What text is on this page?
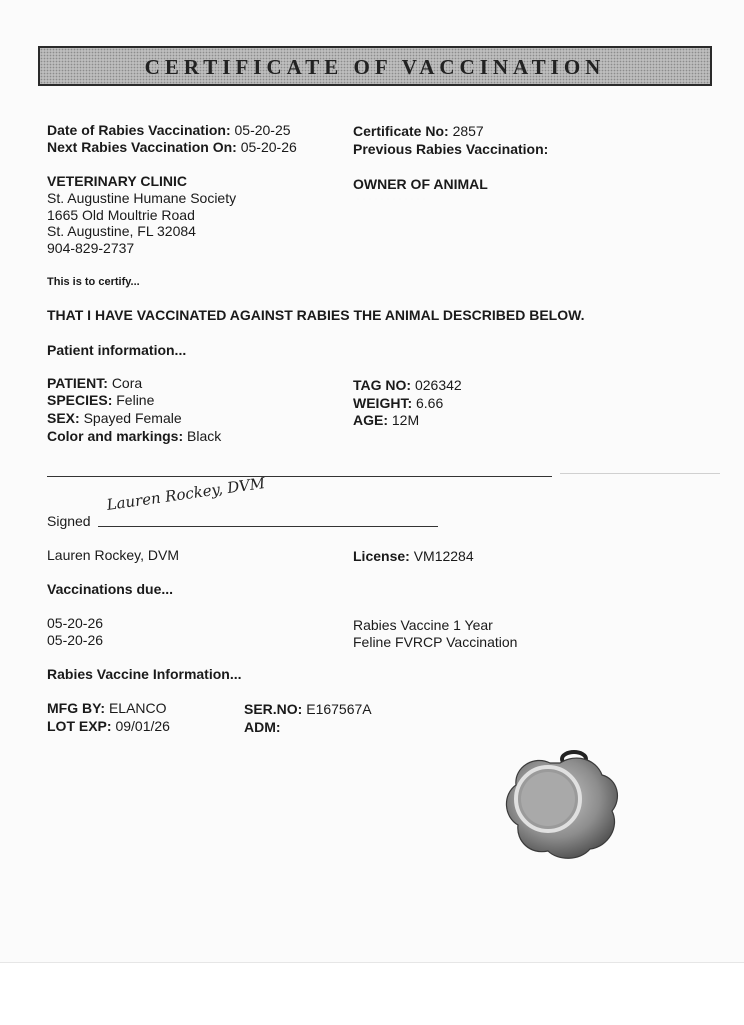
CERTIFICATE OF VACCINATION
Date of Rabies Vaccination: 05-20-25
Next Rabies Vaccination On: 05-20-26
Certificate No: 2857
Previous Rabies Vaccination:
VETERINARY CLINIC
St. Augustine Humane Society
1665 Old Moultrie Road
St. Augustine, FL 32084
904-829-2737
OWNER OF ANIMAL
This is to certify...
THAT I HAVE VACCINATED AGAINST RABIES THE ANIMAL DESCRIBED BELOW.
Patient information...
PATIENT: Cora
SPECIES: Feline
SEX: Spayed Female
Color and markings: Black
TAG NO: 026342
WEIGHT: 6.66
AGE: 12M
Signed
Lauren Rockey, DVM
Lauren Rockey, DVM	License: VM12284
Vaccinations due...
05-20-26
05-20-26
Rabies Vaccine 1 Year
Feline FVRCP Vaccination
Rabies Vaccine Information...
MFG BY: ELANCO
LOT EXP: 09/01/26
SER.NO: E167567A
ADM:
